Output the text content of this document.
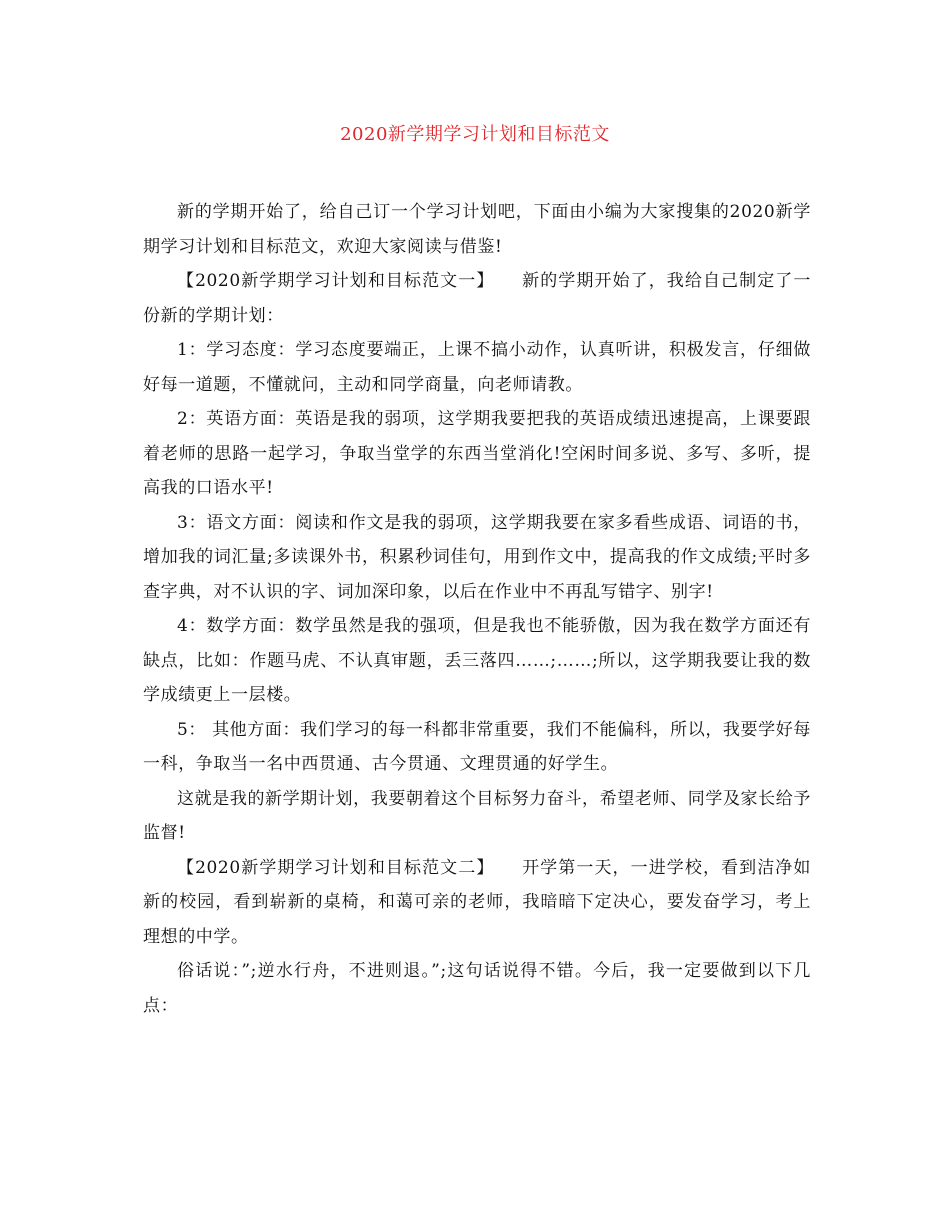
2020新学期学习计划和目标范文

新的学期开始了，给自己订一个学习计划吧，下面由小编为大家搜集的2020新学期学习计划和目标范文，欢迎大家阅读与借鉴!

【2020新学期学习计划和目标范文一】　　新的学期开始了，我给自己制定了一份新的学期计划：

1：学习态度：学习态度要端正，上课不搞小动作，认真听讲，积极发言，仔细做好每一道题，不懂就问，主动和同学商量，向老师请教。

2：英语方面：英语是我的弱项，这学期我要把我的英语成绩迅速提高，上课要跟着老师的思路一起学习，争取当堂学的东西当堂消化!空闲时间多说、多写、多听，提高我的口语水平!

3：语文方面：阅读和作文是我的弱项，这学期我要在家多看些成语、词语的书，增加我的词汇量;多读课外书，积累秒词佳句，用到作文中，提高我的作文成绩;平时多查字典，对不认识的字、词加深印象，以后在作业中不再乱写错字、别字!

4：数学方面：数学虽然是我的强项，但是我也不能骄傲，因为我在数学方面还有缺点，比如：作题马虎、不认真审题，丢三落四……;……;所以，这学期我要让我的数学成绩更上一层楼。

5： 其他方面：我们学习的每一科都非常重要，我们不能偏科，所以，我要学好每一科，争取当一名中西贯通、古今贯通、文理贯通的好学生。

这就是我的新学期计划，我要朝着这个目标努力奋斗，希望老师、同学及家长给予监督!

【2020新学期学习计划和目标范文二】　　开学第一天，一进学校，看到洁净如新的校园，看到崭新的桌椅，和蔼可亲的老师，我暗暗下定决心，要发奋学习，考上理想的中学。

俗话说：”;逆水行舟，不进则退。”;这句话说得不错。今后，我一定要做到以下几点：
